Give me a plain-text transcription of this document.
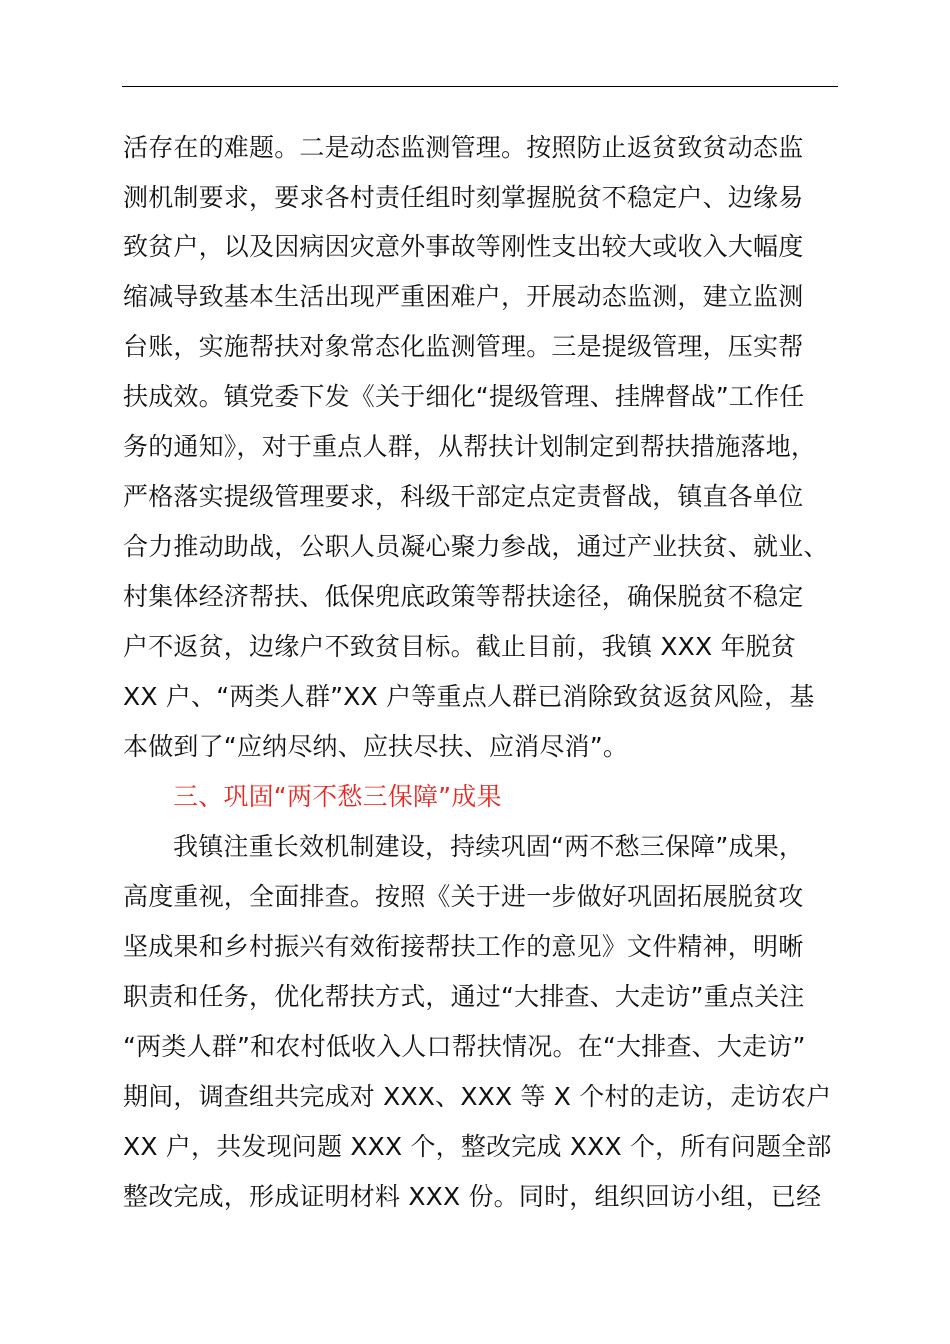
活存在的难题。二是动态监测管理。按照防止返贫致贫动态监
测机制要求，要求各村责任组时刻掌握脱贫不稳定户、边缘易
致贫户，以及因病因灾意外事故等刚性支出较大或收入大幅度
缩减导致基本生活出现严重困难户，开展动态监测，建立监测
台账，实施帮扶对象常态化监测管理。三是提级管理，压实帮
扶成效。镇党委下发《关于细化“提级管理、挂牌督战”工作任
务的通知》，对于重点人群，从帮扶计划制定到帮扶措施落地，
严格落实提级管理要求，科级干部定点定责督战，镇直各单位
合力推动助战，公职人员凝心聚力参战，通过产业扶贫、就业、
村集体经济帮扶、低保兜底政策等帮扶途径，确保脱贫不稳定
户不返贫，边缘户不致贫目标。截止目前，我镇 XXX 年脱贫
XX 户、“两类人群”XX 户等重点人群已消除致贫返贫风险，基
本做到了“应纳尽纳、应扶尽扶、应消尽消”。
三、巩固“两不愁三保障”成果
我镇注重长效机制建设，持续巩固“两不愁三保障”成果，
高度重视，全面排查。按照《关于进一步做好巩固拓展脱贫攻
坚成果和乡村振兴有效衔接帮扶工作的意见》文件精神，明晰
职责和任务，优化帮扶方式，通过“大排查、大走访”重点关注
“两类人群”和农村低收入人口帮扶情况。在“大排查、大走访”
期间，调查组共完成对 XXX、XXX 等 X 个村的走访，走访农户
XX 户，共发现问题 XXX 个，整改完成 XXX 个，所有问题全部
整改完成，形成证明材料 XXX 份。同时，组织回访小组，已经
